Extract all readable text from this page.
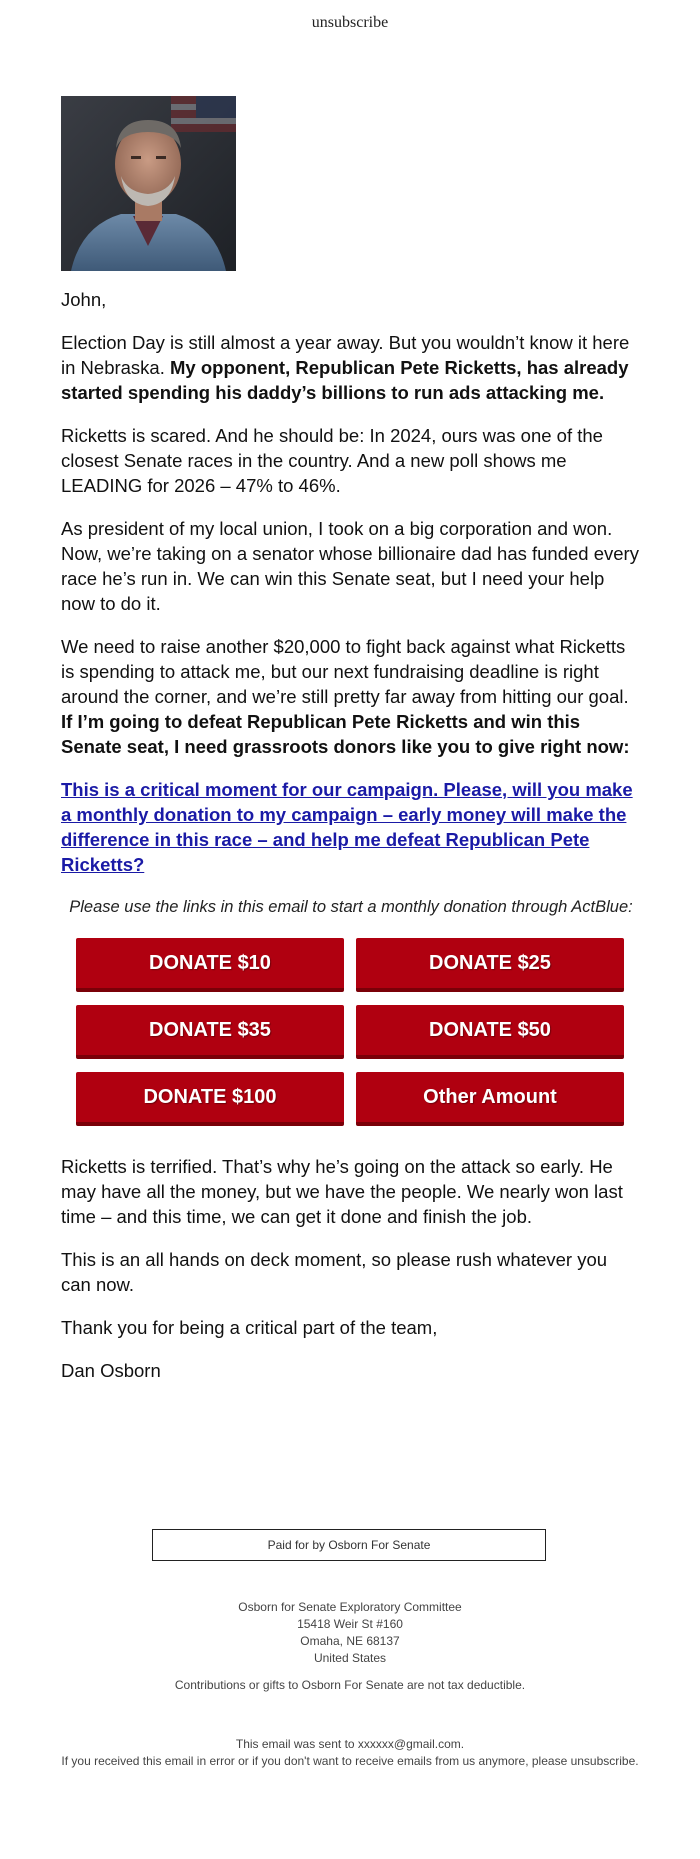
unsubscribe

John,

Election Day is still almost a year away. But you wouldn’t know it here in Nebraska. My opponent, Republican Pete Ricketts, has already started spending his daddy’s billions to run ads attacking me.

Ricketts is scared. And he should be: In 2024, ours was one of the closest Senate races in the country. And a new poll shows me LEADING for 2026 – 47% to 46%.

As president of my local union, I took on a big corporation and won. Now, we’re taking on a senator whose billionaire dad has funded every race he’s run in. We can win this Senate seat, but I need your help now to do it.

We need to raise another $20,000 to fight back against what Ricketts is spending to attack me, but our next fundraising deadline is right around the corner, and we’re still pretty far away from hitting our goal. If I’m going to defeat Republican Pete Ricketts and win this Senate seat, I need grassroots donors like you to give right now:

This is a critical moment for our campaign. Please, will you make a monthly donation to my campaign – early money will make the difference in this race – and help me defeat Republican Pete Ricketts?

Please use the links in this email to start a monthly donation through ActBlue:

DONATE $10	DONATE $25
DONATE $35	DONATE $50
DONATE $100	Other Amount

Ricketts is terrified. That’s why he’s going on the attack so early. He may have all the money, but we have the people. We nearly won last time – and this time, we can get it done and finish the job.

This is an all hands on deck moment, so please rush whatever you can now.

Thank you for being a critical part of the team,

Dan Osborn

Paid for by Osborn For Senate
Osborn for Senate Exploratory Committee
15418 Weir St #160
Omaha, NE 68137
United States
Contributions or gifts to Osborn For Senate are not tax deductible.
This email was sent to xxxxxx@gmail.com.
If you received this email in error or if you don't want to receive emails from us anymore, please unsubscribe.
